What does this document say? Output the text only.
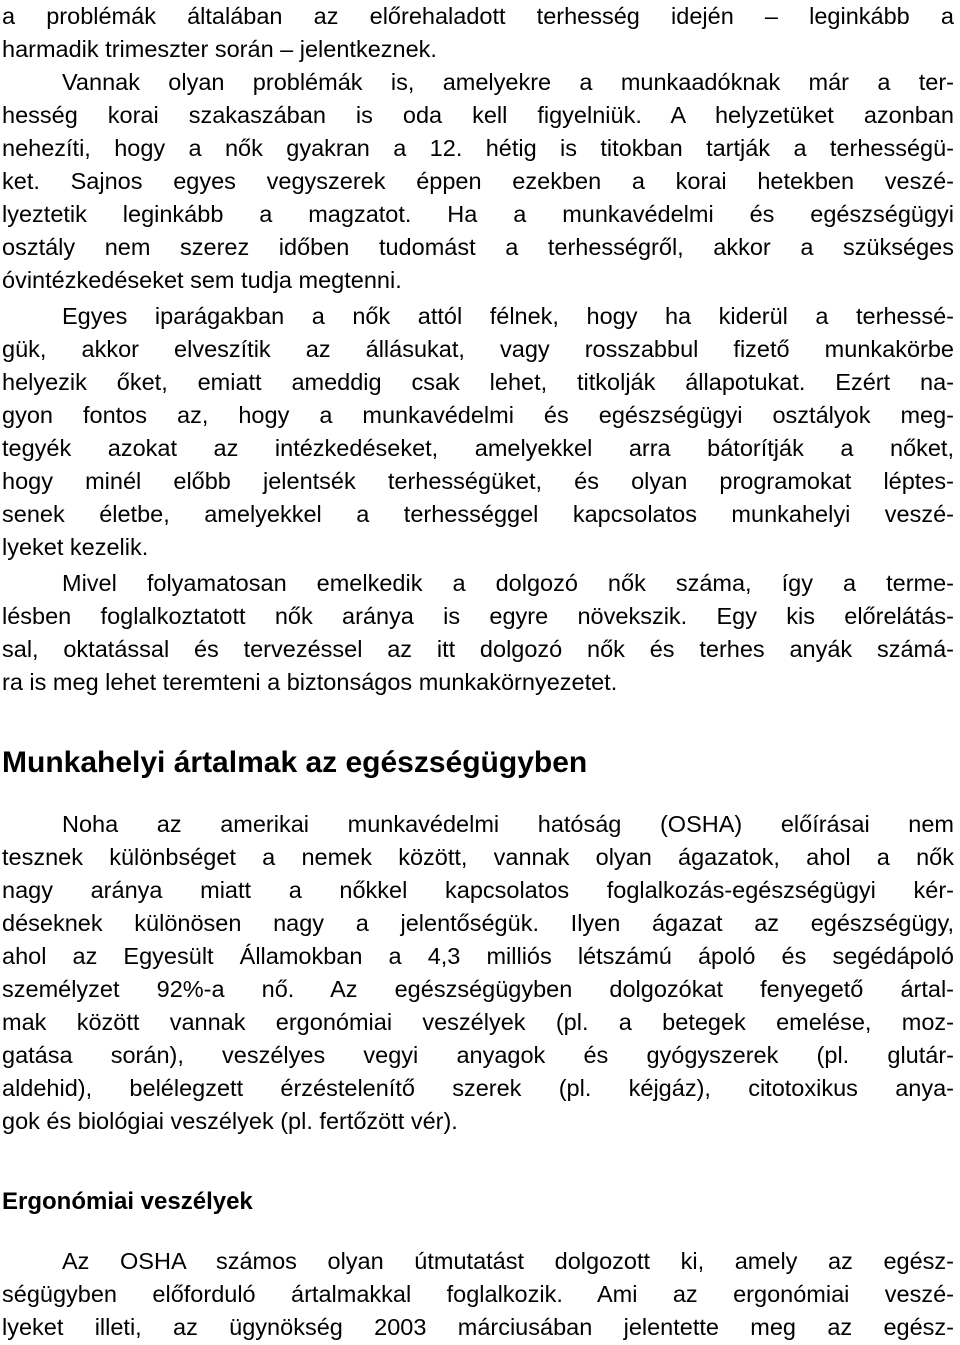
a problémák általában az előrehaladott terhesség idején – leginkább a
harmadik trimeszter során – jelentkeznek.
Vannak olyan problémák is, amelyekre a munkaadóknak már a ter-
hesség korai szakaszában is oda kell figyelniük. A helyzetüket azonban
nehezíti, hogy a nők gyakran a 12. hétig is titokban tartják a terhességü-
ket. Sajnos egyes vegyszerek éppen ezekben a korai hetekben veszé-
lyeztetik leginkább a magzatot. Ha a munkavédelmi és egészségügyi
osztály nem szerez időben tudomást a terhességről, akkor a szükséges
óvintézkedéseket sem tudja megtenni.
Egyes iparágakban a nők attól félnek, hogy ha kiderül a terhessé-
gük, akkor elveszítik az állásukat, vagy rosszabbul fizető munkakörbe
helyezik őket, emiatt ameddig csak lehet, titkolják állapotukat. Ezért na-
gyon fontos az, hogy a munkavédelmi és egészségügyi osztályok meg-
tegyék azokat az intézkedéseket, amelyekkel arra bátorítják a nőket,
hogy minél előbb jelentsék terhességüket, és olyan programokat léptes-
senek életbe, amelyekkel a terhességgel kapcsolatos munkahelyi veszé-
lyeket kezelik.
Mivel folyamatosan emelkedik a dolgozó nők száma, így a terme-
lésben foglalkoztatott nők aránya is egyre növekszik. Egy kis előrelátás-
sal, oktatással és tervezéssel az itt dolgozó nők és terhes anyák számá-
ra is meg lehet teremteni a biztonságos munkakörnyezetet.
Munkahelyi ártalmak az egészségügyben
Noha az amerikai munkavédelmi hatóság (OSHA) előírásai nem
tesznek különbséget a nemek között, vannak olyan ágazatok, ahol a nők
nagy aránya miatt a nőkkel kapcsolatos foglalkozás-egészségügyi kér-
déseknek különösen nagy a jelentőségük. Ilyen ágazat az egészségügy,
ahol az Egyesült Államokban a 4,3 milliós létszámú ápoló és segédápoló
személyzet 92%-a nő. Az egészségügyben dolgozókat fenyegető ártal-
mak között vannak ergonómiai veszélyek (pl. a betegek emelése, moz-
gatása során), veszélyes vegyi anyagok és gyógyszerek (pl. glutár-
aldehid), belélegzett érzéstelenítő szerek (pl. kéjgáz), citotoxikus anya-
gok és biológiai veszélyek (pl. fertőzött vér).
Ergonómiai veszélyek
Az OSHA számos olyan útmutatást dolgozott ki, amely az egész-
ségügyben előforduló ártalmakkal foglalkozik. Ami az ergonómiai veszé-
lyeket illeti, az ügynökség 2003 márciusában jelentette meg az egész-
